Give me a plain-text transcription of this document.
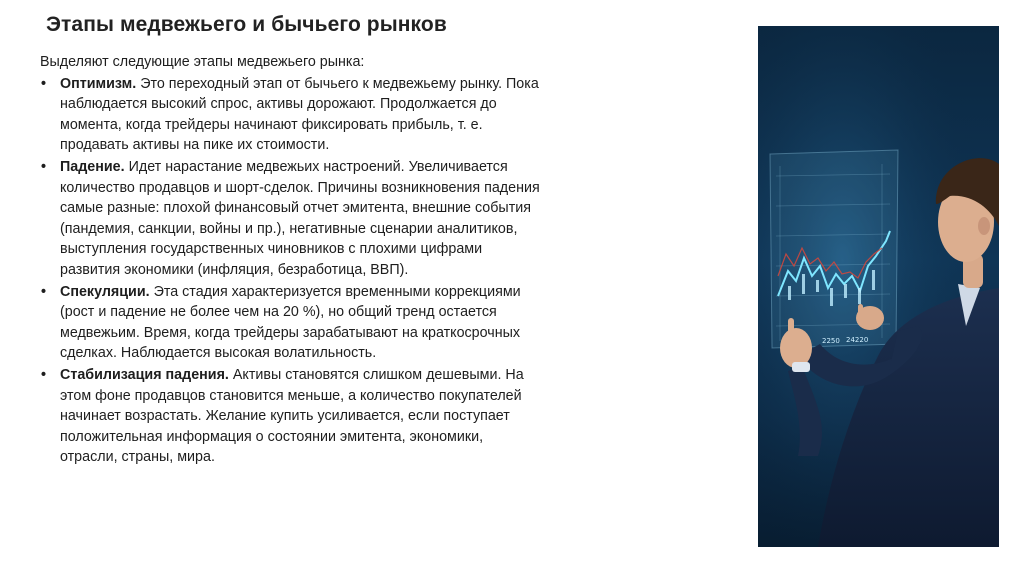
Этапы медвежьего и бычьего рынков
Выделяют следующие этапы медвежьего рынка:
• Оптимизм. Это переходный этап от бычьего к медвежьему рынку. Пока наблюдается высокий спрос, активы дорожают. Продолжается до момента, когда трейдеры начинают фиксировать прибыль, т. е. продавать активы на пике их стоимости.
• Падение. Идет нарастание медвежьих настроений. Увеличивается количество продавцов и шорт-сделок. Причины возникновения падения самые разные: плохой финансовый отчет эмитента, внешние события (пандемия, санкции, войны и пр.), негативные сценарии аналитиков, выступления государственных чиновников с плохими цифрами развития экономики (инфляция, безработица, ВВП).
• Спекуляции. Эта стадия характеризуется временными коррекциями (рост и падение не более чем на 20 %), но общий тренд остается медвежьим. Время, когда трейдеры зарабатывают на краткосрочных сделках. Наблюдается высокая волатильность.
• Стабилизация падения. Активы становятся слишком дешевыми. На этом фоне продавцов становится меньше, а количество покупателей начинает возрастать. Желание купить усиливается, если поступает положительная информация о состоянии эмитента, экономики, отрасли, страны, мира.
2250 24220
